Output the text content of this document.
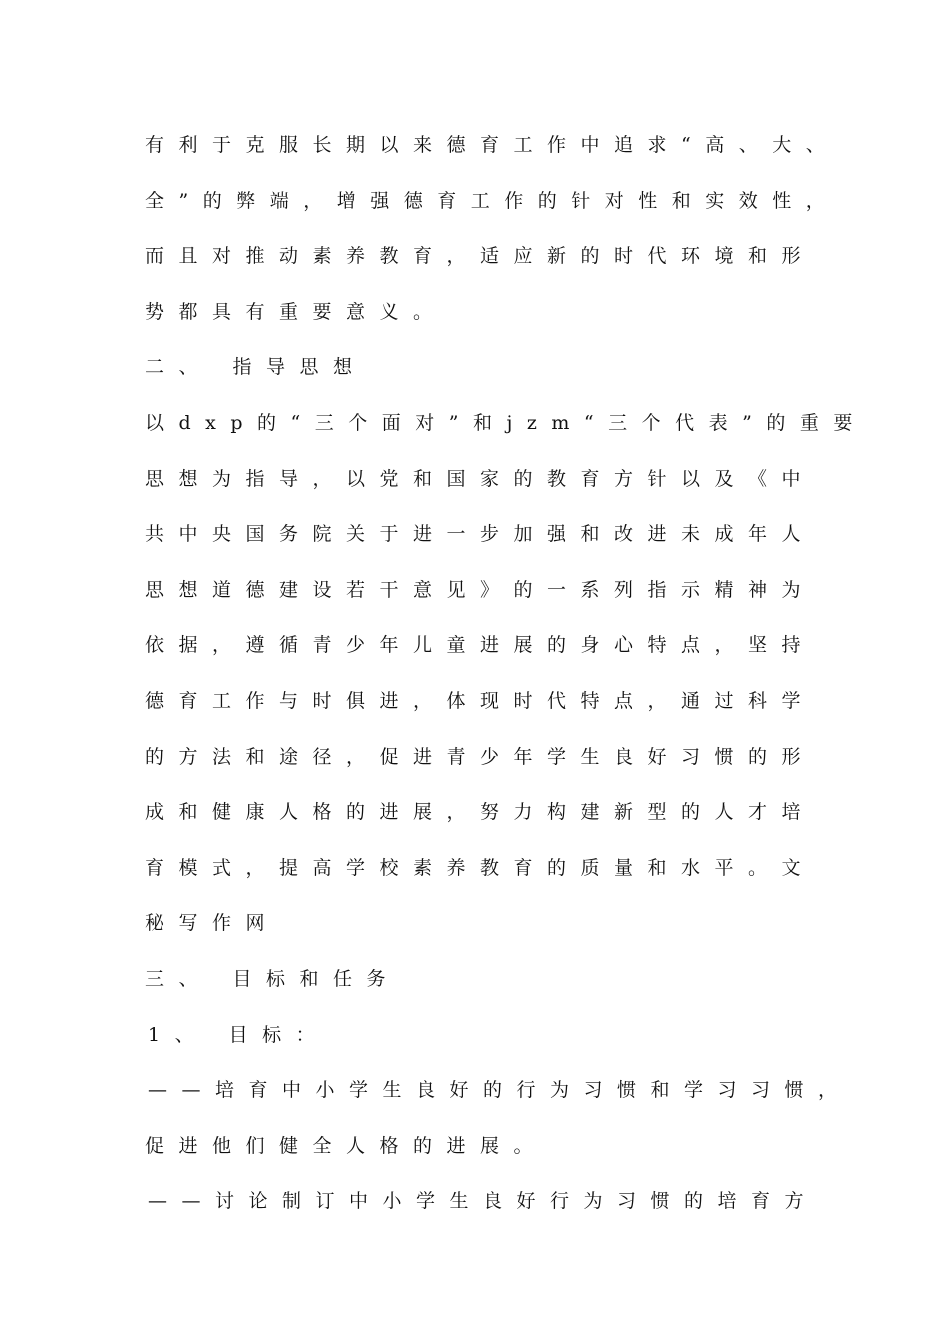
有利于克服长期以来德育工作中追求“高、大、
全”的弊端，增强德育工作的针对性和实效性，
而且对推动素养教育，适应新的时代环境和形
势都具有重要意义。
二、 指导思想
以dxp的“三个面对”和jzm“三个代表”的重要
思想为指导，以党和国家的教育方针以及《中
共中央国务院关于进一步加强和改进未成年人
思想道德建设若干意见》的一系列指示精神为
依据，遵循青少年儿童进展的身心特点，坚持
德育工作与时俱进，体现时代特点，通过科学
的方法和途径，促进青少年学生良好习惯的形
成和健康人格的进展，努力构建新型的人才培
育模式，提高学校素养教育的质量和水平。文
秘写作网
三、 目标和任务
1、 目标：
——培育中小学生良好的行为习惯和学习习惯，
促进他们健全人格的进展。
——讨论制订中小学生良好行为习惯的培育方
